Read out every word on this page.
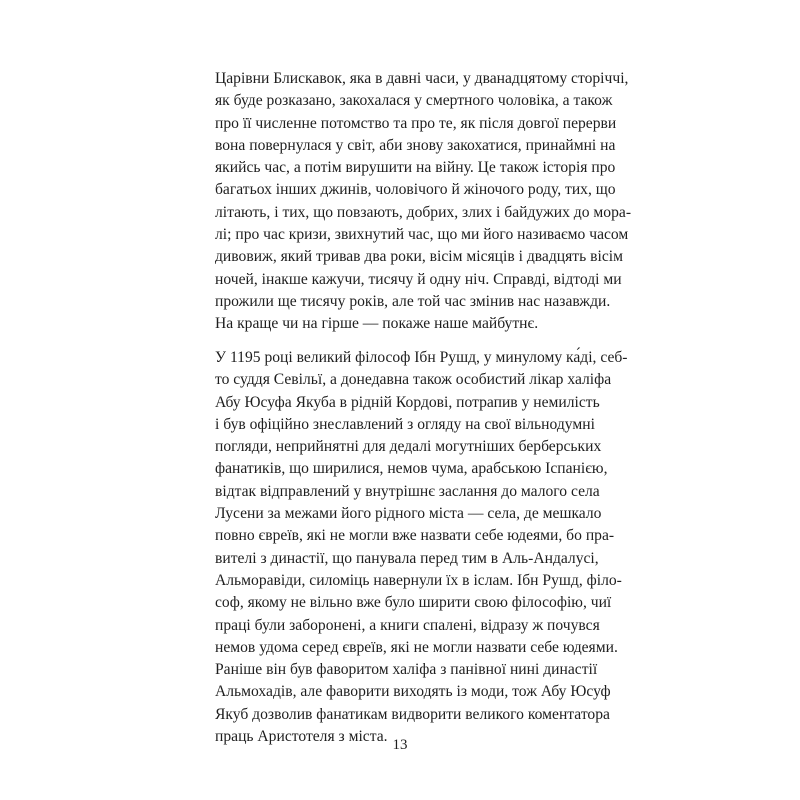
Царівни Блискавок, яка в давні часи, у дванадцятому сторіччі,
як буде розказано, закохалася у смертного чоловіка, а також
про її численне потомство та про те, як після довгої перерви
вона повернулася у світ, аби знову закохатися, принаймні на
якийсь час, а потім вирушити на війну. Це також історія про
багатьох інших джинів, чоловічого й жіночого роду, тих, що
літають, і тих, що повзають, добрих, злих і байдужих до мора-
лі; про час кризи, звихнутий час, що ми його називаємо часом
дивовиж, який тривав два роки, вісім місяців і двадцять вісім
ночей, інакше кажучи, тисячу й одну ніч. Справді, відтоді ми
прожили ще тисячу років, але той час змінив нас назавжди.
На краще чи на гірше — покаже наше майбутнє.
У 1195 році великий філософ Ібн Рушд, у минулому ка́ді, себ-
то суддя Севільї, а донедавна також особистий лікар халіфа
Абу Юсуфа Якуба в рідній Кордові, потрапив у немилість
і був офіційно знеславлений з огляду на свої вільнодумні
погляди, неприйнятні для дедалі могутніших берберських
фанатиків, що ширилися, немов чума, арабською Іспанією,
відтак відправлений у внутрішнє заслання до малого села
Лусени за межами його рідного міста — села, де мешкало
повно євреїв, які не могли вже назвати себе юдеями, бо пра-
вителі з династії, що панувала перед тим в Аль-Андалусі,
Альморавіди, силоміць навернули їх в іслам. Ібн Рушд, філо-
соф, якому не вільно вже було ширити свою філософію, чиї
праці були заборонені, а книги спалені, відразу ж почувся
немов удома серед євреїв, які не могли назвати себе юдеями.
Раніше він був фаворитом халіфа з панівної нині династії
Альмохадів, але фаворити виходять із моди, тож Абу Юсуф
Якуб дозволив фанатикам видворити великого коментатора
праць Аристотеля з міста. 13
